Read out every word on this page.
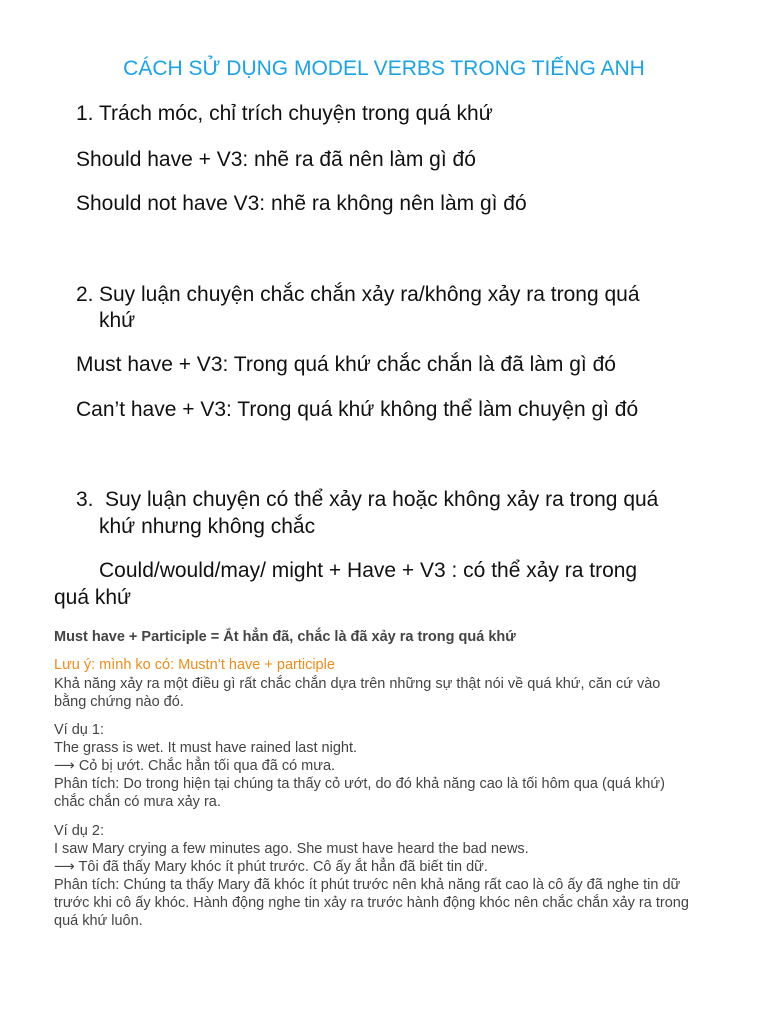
CÁCH SỬ DỤNG MODEL VERBS TRONG TIẾNG ANH
1. Trách móc, chỉ trích chuyện trong quá khứ
Should have + V3: nhẽ ra đã nên làm gì đó
Should not have V3: nhẽ ra không nên làm gì đó
2. Suy luận chuyện chắc chắn xảy ra/không xảy ra trong quá
khứ
Must have + V3: Trong quá khứ chắc chắn là đã làm gì đó
Can’t have + V3: Trong quá khứ không thể làm chuyện gì đó
3. Suy luận chuyện có thể xảy ra hoặc không xảy ra trong quá
khứ nhưng không chắc
Could/would/may/ might + Have + V3 : có thể xảy ra trong
quá khứ
Must have + Participle = Ắt hẳn đã, chắc là đã xảy ra trong quá khứ
Lưu ý: mình ko có: Mustn’t have + participle
Khả năng xảy ra một điều gì rất chắc chắn dựa trên những sự thật nói về quá khứ, căn cứ vào
bằng chứng nào đó.
Ví dụ 1:
The grass is wet. It must have rained last night.
⟶ Cỏ bị ướt. Chắc hẳn tối qua đã có mưa.
Phân tích: Do trong hiện tại chúng ta thấy cỏ ướt, do đó khả năng cao là tối hôm qua (quá khứ)
chắc chắn có mưa xảy ra.
Ví dụ 2:
I saw Mary crying a few minutes ago. She must have heard the bad news.
⟶ Tôi đã thấy Mary khóc ít phút trước. Cô ấy ắt hẳn đã biết tin dữ.
Phân tích: Chúng ta thấy Mary đã khóc ít phút trước nên khả năng rất cao là cô ấy đã nghe tin dữ
trước khi cô ấy khóc. Hành động nghe tin xảy ra trước hành động khóc nên chắc chắn xảy ra trong
quá khứ luôn.
